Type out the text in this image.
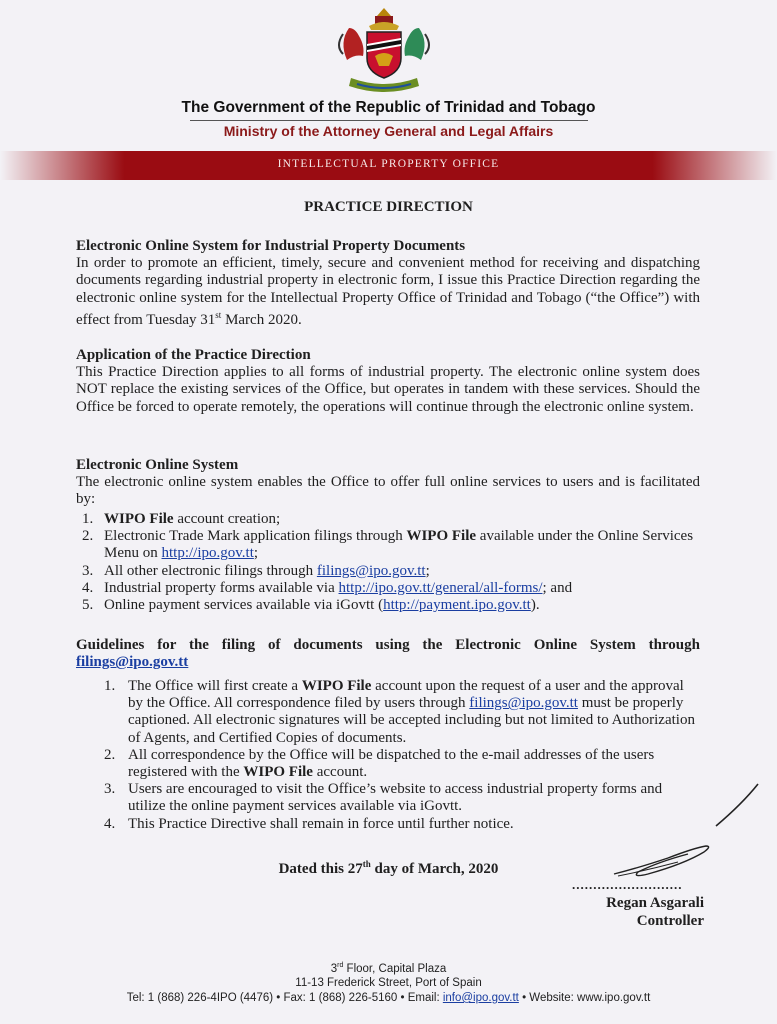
The Government of the Republic of Trinidad and Tobago
Ministry of the Attorney General and Legal Affairs
INTELLECTUAL PROPERTY OFFICE
PRACTICE DIRECTION
Electronic Online System for Industrial Property Documents
In order to promote an efficient, timely, secure and convenient method for receiving and dispatching documents regarding industrial property in electronic form, I issue this Practice Direction regarding the electronic online system for the Intellectual Property Office of Trinidad and Tobago (“the Office”) with effect from Tuesday 31st March 2020.
Application of the Practice Direction
This Practice Direction applies to all forms of industrial property. The electronic online system does NOT replace the existing services of the Office, but operates in tandem with these services. Should the Office be forced to operate remotely, the operations will continue through the electronic online system.
Electronic Online System
The electronic online system enables the Office to offer full online services to users and is facilitated by:
1. WIPO File account creation;
2. Electronic Trade Mark application filings through WIPO File available under the Online Services Menu on http://ipo.gov.tt;
3. All other electronic filings through filings@ipo.gov.tt;
4. Industrial property forms available via http://ipo.gov.tt/general/all-forms/; and
5. Online payment services available via iGovtt (http://payment.ipo.gov.tt).
Guidelines for the filing of documents using the Electronic Online System through filings@ipo.gov.tt
1. The Office will first create a WIPO File account upon the request of a user and the approval by the Office. All correspondence filed by users through filings@ipo.gov.tt must be properly captioned. All electronic signatures will be accepted including but not limited to Authorization of Agents, and Certified Copies of documents.
2. All correspondence by the Office will be dispatched to the e-mail addresses of the users registered with the WIPO File account.
3. Users are encouraged to visit the Office’s website to access industrial property forms and utilize the online payment services available via iGovtt.
4. This Practice Directive shall remain in force until further notice.
Dated this 27th day of March, 2020
..........................
Regan Asgarali
Controller
3rd Floor, Capital Plaza
11-13 Frederick Street, Port of Spain
Tel: 1 (868) 226-4IPO (4476) • Fax: 1 (868) 226-5160 • Email: info@ipo.gov.tt • Website: www.ipo.gov.tt
